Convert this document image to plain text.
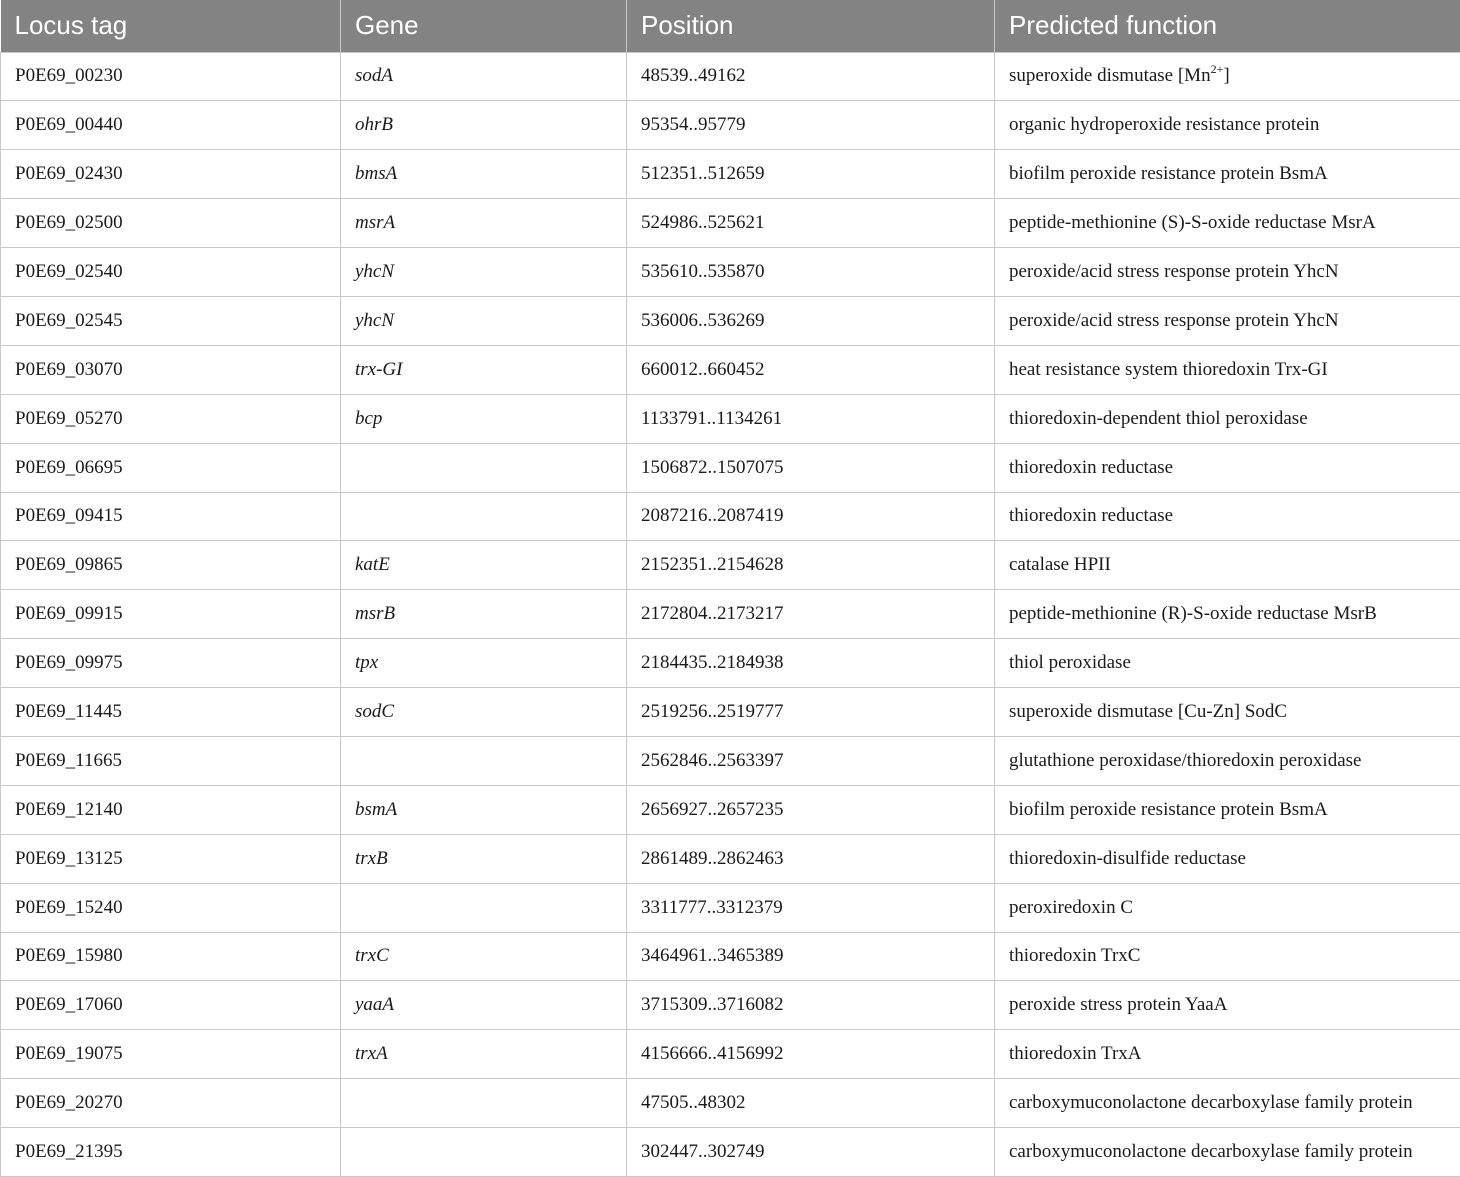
Locus tag	Gene	Position	Predicted function
P0E69_00230	sodA	48539..49162	superoxide dismutase $[Mn^{2+}]$
P0E69_00440	ohrB	95354..95779	organic hydroperoxide resistance protein
P0E69_02430	bmsA	512351..512659	biofilm peroxide resistance protein BsmA
P0E69_02500	msrA	524986..525621	peptide-methionine (S)-S-oxide reductase MsrA
P0E69_02540	yhcN	535610..535870	peroxide/acid stress response protein YhcN
P0E69_02545	yhcN	536006..536269	peroxide/acid stress response protein YhcN
P0E69_03070	trx-GI	660012..660452	heat resistance system thioredoxin Trx-GI
P0E69_05270	bcp	1133791..1134261	thioredoxin-dependent thiol peroxidase
P0E69_06695		1506872..1507075	thioredoxin reductase
P0E69_09415		2087216..2087419	thioredoxin reductase
P0E69_09865	katE	2152351..2154628	catalase HPII
P0E69_09915	msrB	2172804..2173217	peptide-methionine (R)-S-oxide reductase MsrB
P0E69_09975	tpx	2184435..2184938	thiol peroxidase
P0E69_11445	sodC	2519256..2519777	superoxide dismutase [Cu-Zn] SodC
P0E69_11665		2562846..2563397	glutathione peroxidase/thioredoxin peroxidase
P0E69_12140	bsmA	2656927..2657235	biofilm peroxide resistance protein BsmA
P0E69_13125	trxB	2861489..2862463	thioredoxin-disulfide reductase
P0E69_15240		3311777..3312379	peroxiredoxin C
P0E69_15980	trxC	3464961..3465389	thioredoxin TrxC
P0E69_17060	yaaA	3715309..3716082	peroxide stress protein YaaA
P0E69_19075	trxA	4156666..4156992	thioredoxin TrxA
P0E69_20270		47505..48302	carboxymuconolactone decarboxylase family protein
P0E69_21395		302447..302749	carboxymuconolactone decarboxylase family protein
